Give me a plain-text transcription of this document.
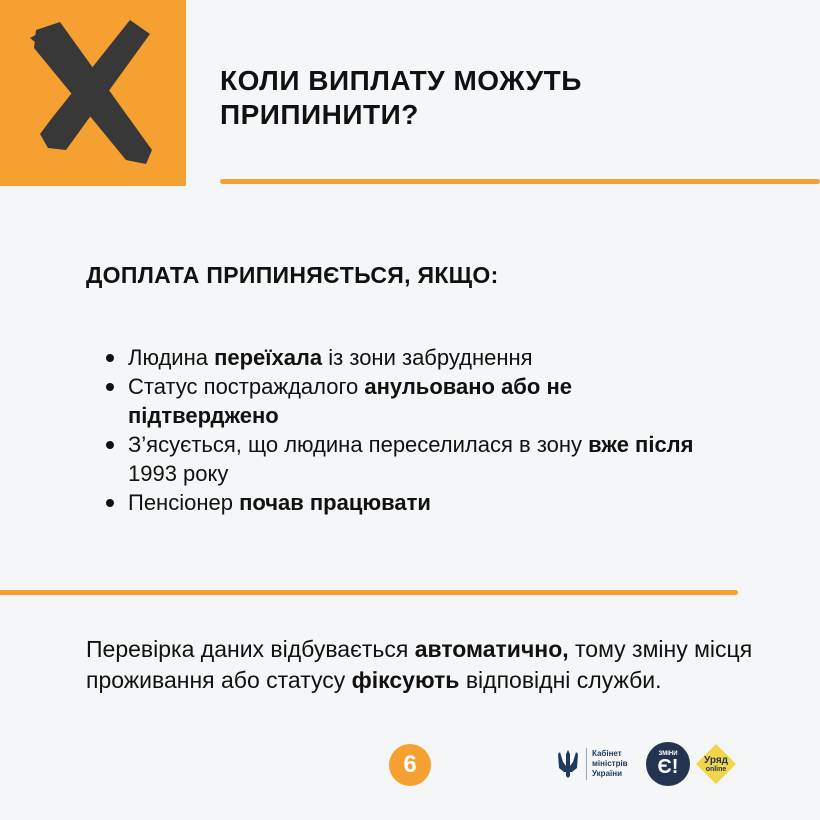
КОЛИ ВИПЛАТУ МОЖУТЬ
ПРИПИНИТИ?
ДОПЛАТА ПРИПИНЯЄТЬСЯ, ЯКЩО:
Людина переїхала із зони забруднення
Статус постраждалого анульовано або не підтверджено
З’ясується, що людина переселилася в зону вже після 1993 року
Пенсіонер почав працювати

Перевірка даних відбувається автоматично, тому зміну місця проживання або статусу фіксують відповідні служби.

6	Кабінет
міністрів
України
ЗМІНИ
Є!	Уряд
online
